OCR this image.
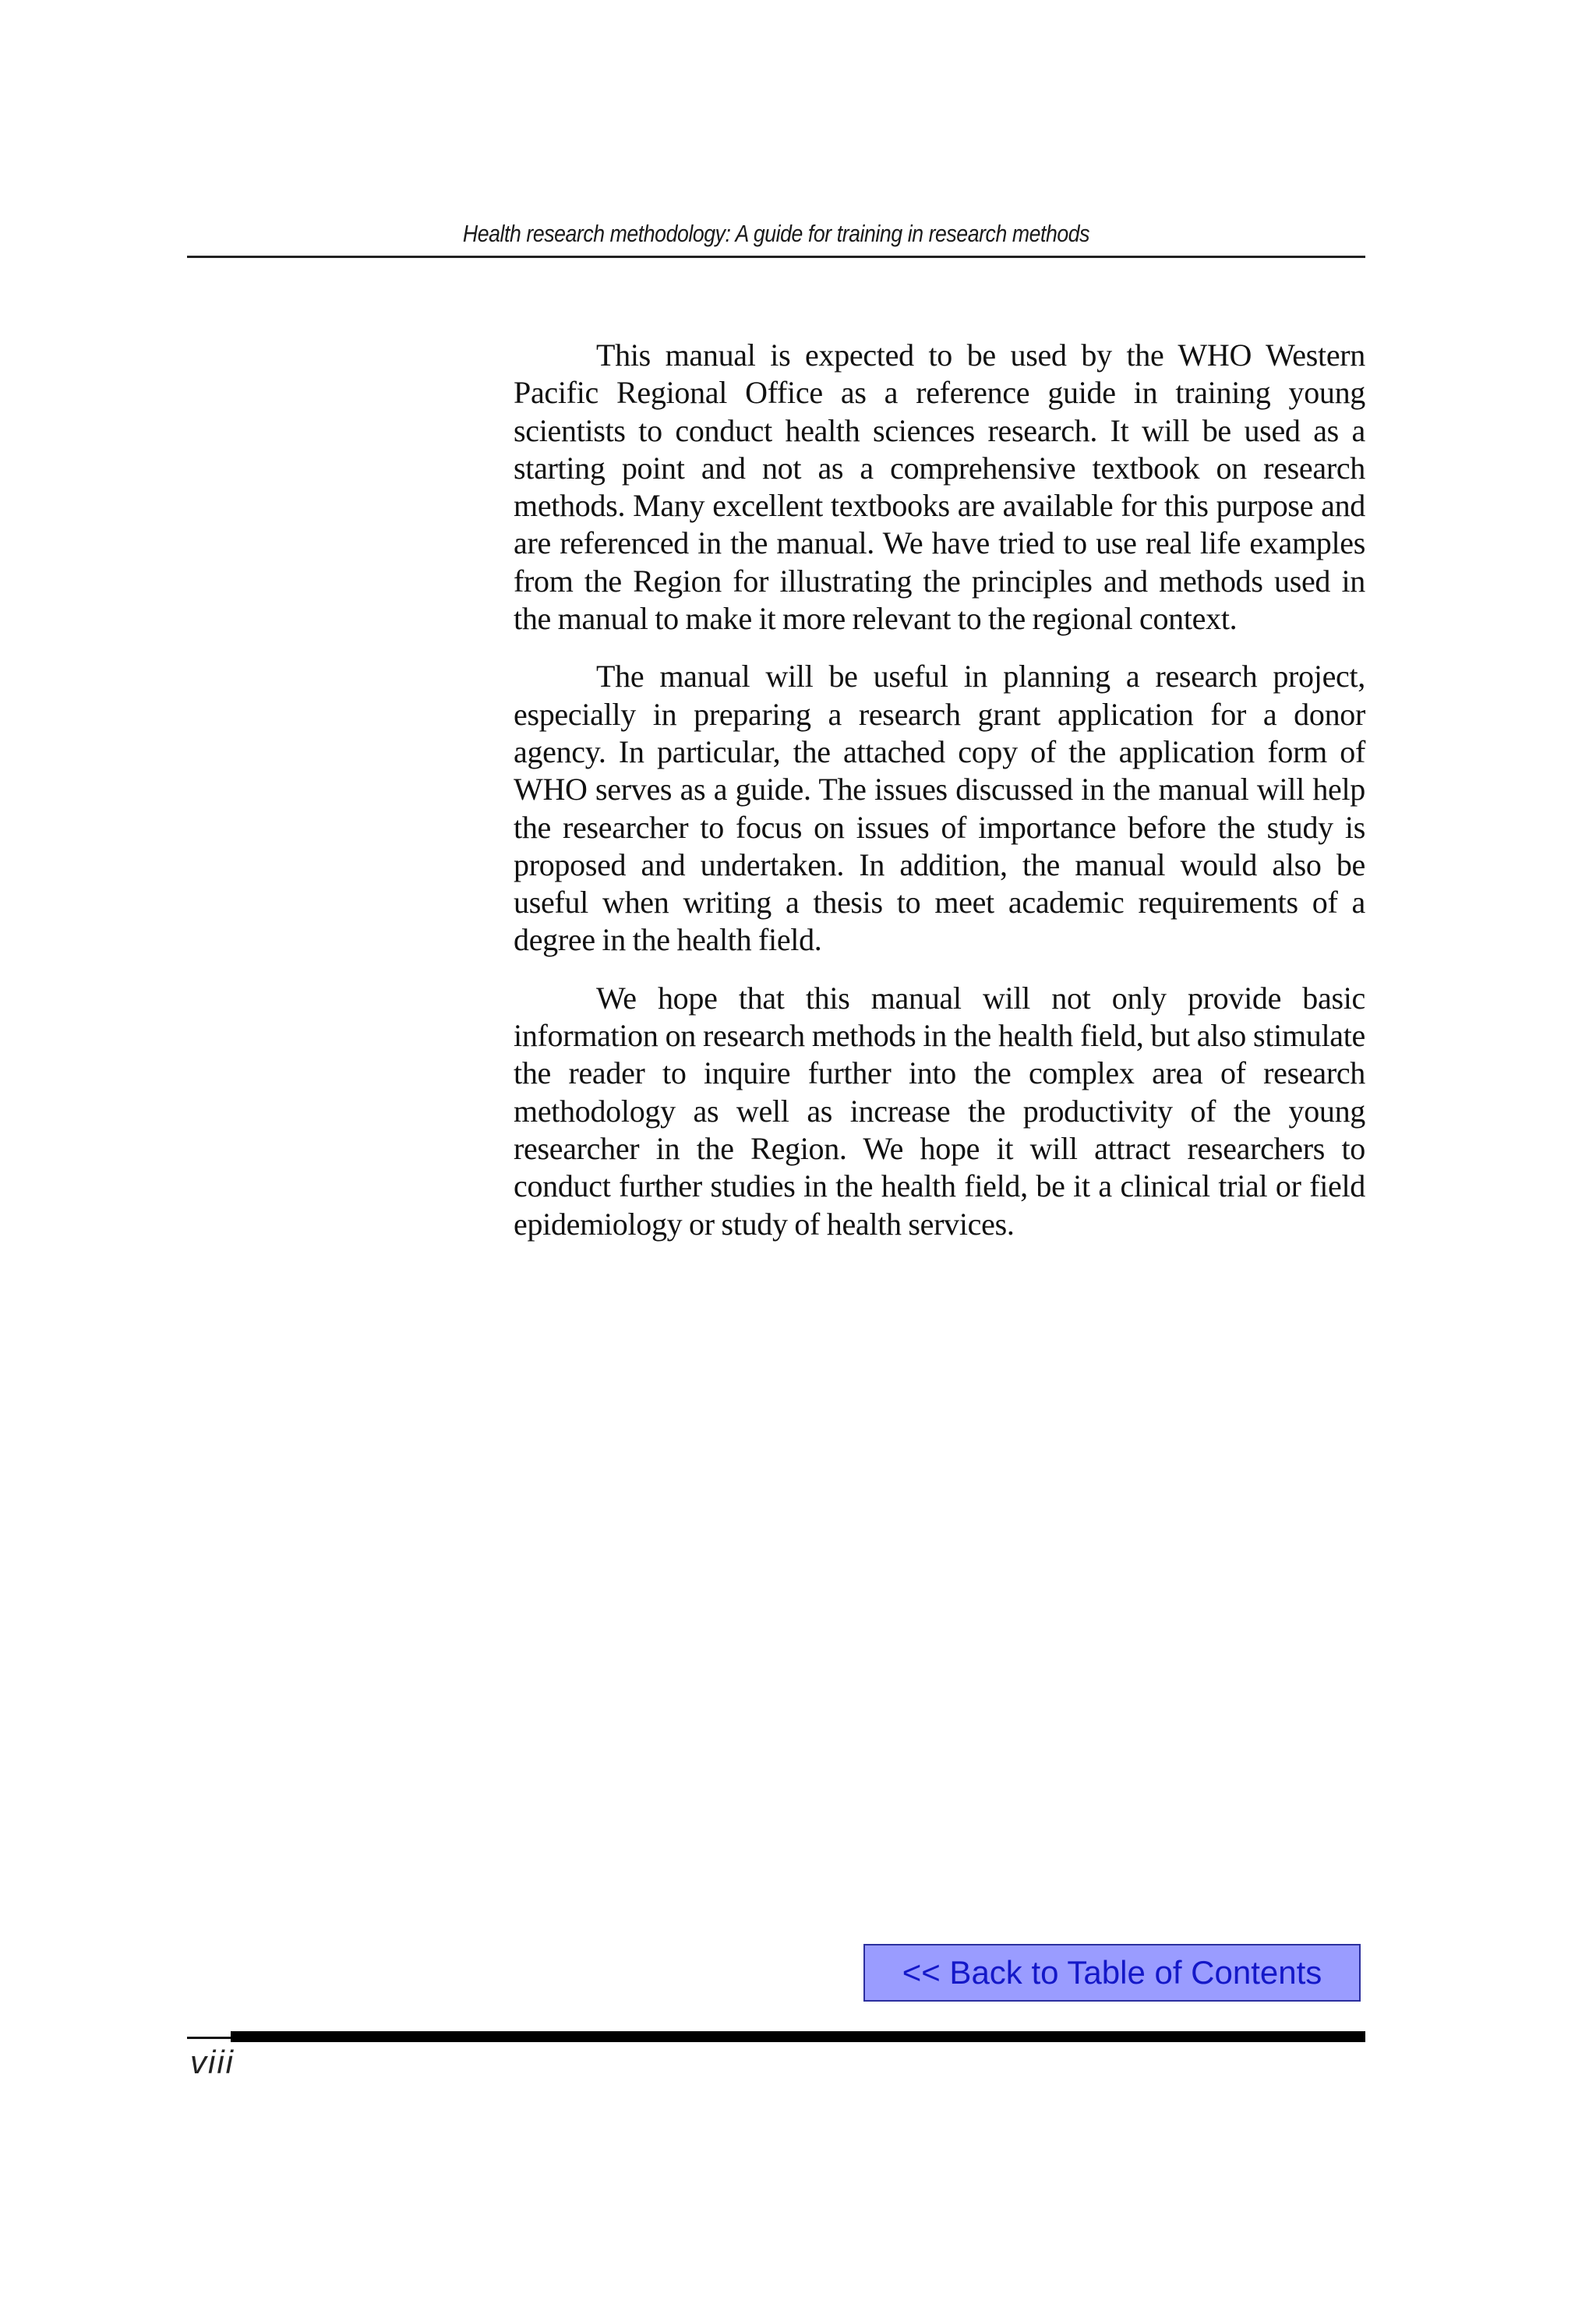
Health research methodology: A guide for training in research methods

This manual is expected to be used by the WHO Western Pacific Regional Office as a reference guide in training young scientists to conduct health sciences research. It will be used as a starting point and not as a comprehensive textbook on research methods. Many excellent textbooks are available for this purpose and are referenced in the manual. We have tried to use real life examples from the Region for illustrating the principles and methods used in the manual to make it more relevant to the regional context.

The manual will be useful in planning a research project, especially in preparing a research grant application for a donor agency. In particular, the attached copy of the application form of WHO serves as a guide. The issues discussed in the manual will help the researcher to focus on issues of importance before the study is proposed and undertaken. In addition, the manual would also be useful when writing a thesis to meet academic requirements of a degree in the health field.

We hope that this manual will not only provide basic information on research methods in the health field, but also stimulate the reader to inquire further into the complex area of research methodology as well as increase the productivity of the young researcher in the Region. We hope it will attract researchers to conduct further studies in the health field, be it a clinical trial or field epidemiology or study of health services.

<< Back to Table of Contents
viii
